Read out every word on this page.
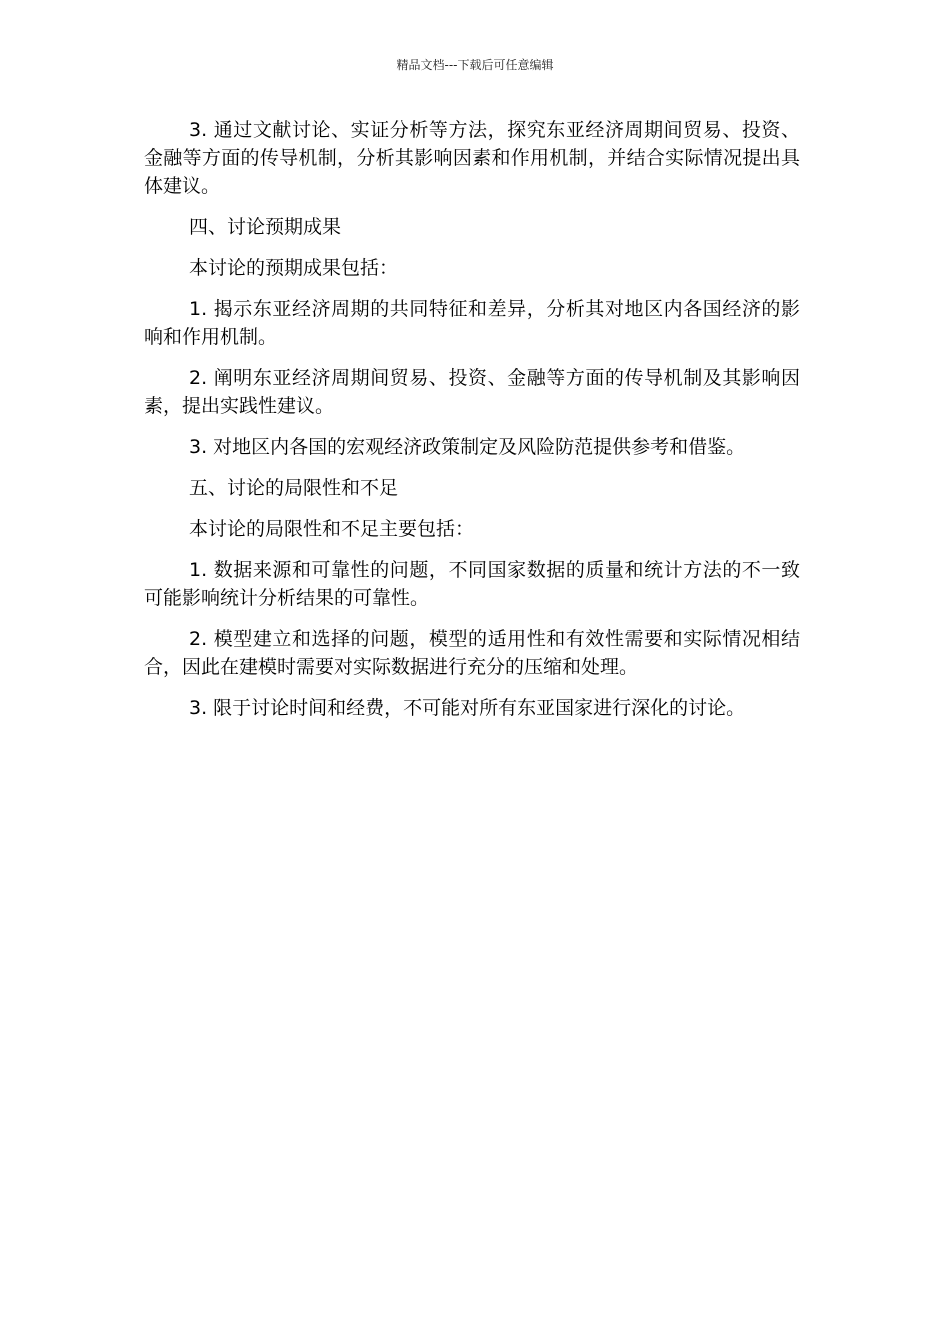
精品文档---下载后可任意编辑

3. 通过文献讨论、实证分析等方法，探究东亚经济周期间贸易、投资、金融等方面的传导机制，分析其影响因素和作用机制，并结合实际情况提出具体建议。

四、讨论预期成果

本讨论的预期成果包括：

1. 揭示东亚经济周期的共同特征和差异，分析其对地区内各国经济的影响和作用机制。

2. 阐明东亚经济周期间贸易、投资、金融等方面的传导机制及其影响因素，提出实践性建议。

3. 对地区内各国的宏观经济政策制定及风险防范提供参考和借鉴。

五、讨论的局限性和不足

本讨论的局限性和不足主要包括：

1. 数据来源和可靠性的问题，不同国家数据的质量和统计方法的不一致可能影响统计分析结果的可靠性。

2. 模型建立和选择的问题，模型的适用性和有效性需要和实际情况相结合，因此在建模时需要对实际数据进行充分的压缩和处理。

3. 限于讨论时间和经费，不可能对所有东亚国家进行深化的讨论。
